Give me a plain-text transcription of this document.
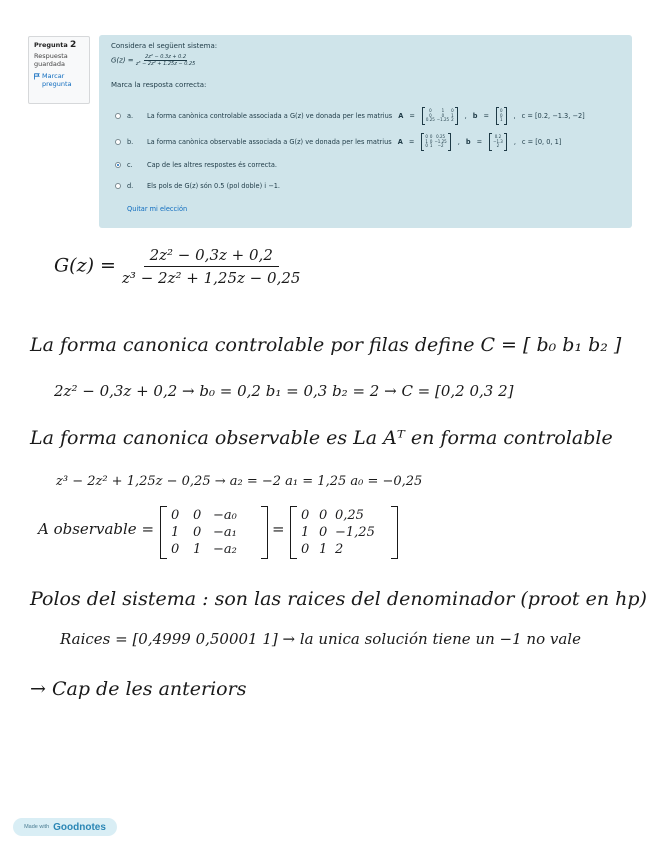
Pregunta 2
Respuesta guardada
Marcar pregunta
Considera el següent sistema:
$G(z) = \frac{\text{2z² − 0.3z + 0.2}}{\text{z³ − 2z² + 1.25z − 0.25}}$
Marca la resposta correcta:
a.	La forma canònica controlable associada a G(z) ve donada per les matrius A =
0	1	0
0	0	1
0.25 −1.25 2 , b =
0
0
1 , c = [0.2, −1.3, −2]
b.	La forma canònica observable associada a G(z) ve donada per les matrius A =
0 0 0.25
1 0 −1.25
0 1	−2	, b =
0.2
−1.3
2	, c = [0, 0, 1]
c.	Cap de les altres respostes és correcta.
d.	Els pols de G(z) són 0.5 (pol doble) i −1.
Quitar mi elección
$G(z) = \frac{\text{2z² − 0,3z + 0,2}}{\text{z³ − 2z² + 1,25z − 0,25}}$
La forma canonica controlable por filas define C = [ b₀ b₁ b₂ ]
2z² − 0,3z + 0,2 → b₀ = 0,2 b₁ = 0,3 b₂ = 2 → C = [0,2 0,3 2]
La forma canonica observable es La Aᵀ en forma controlable
z³ − 2z² + 1,25z − 0,25 → a₂ = −2 a₁ = 1,25 a₀ = −0,25
A observable =
0	0 −a₀
1	0 −a₁
0	1 −a₂
=
0 0 0,25
1 0 −1,25
0 1 2
Polos del sistema : son las raices del denominador (proot en hp)
Raices = [0,4999 0,50001 1] → la unica solución tiene un −1 no vale
→ Cap de les anteriors
Made with Goodnotes
